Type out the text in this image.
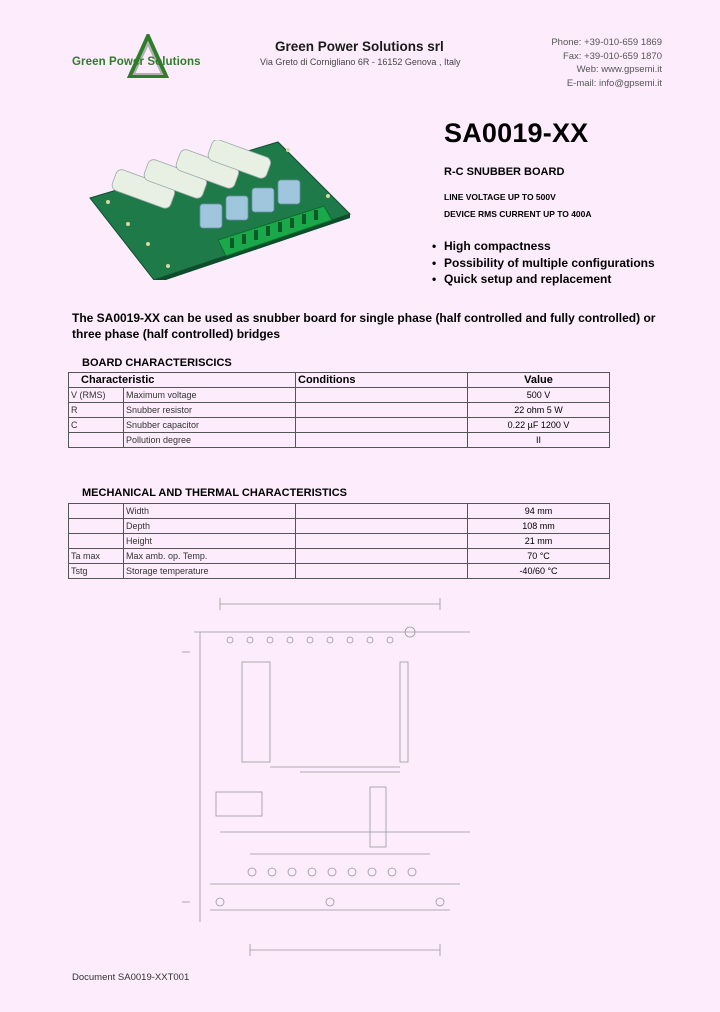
Green Power Solutions
Green Power Solutions srl
Via Greto di Cornigliano 6R - 16152 Genova , Italy
Phone: +39-010-659 1869
Fax: +39-010-659 1870
Web: www.gpsemi.it
E-mail: info@gpsemi.it
SA0019-XX
R-C SNUBBER BOARD
LINE VOLTAGE UP TO 500V
DEVICE RMS CURRENT UP TO 400A
• High compactness
• Possibility of multiple configurations
• Quick setup and replacement
The SA0019-XX can be used as snubber board for single phase (half controlled and fully controlled) or three phase (half controlled) bridges
BOARD CHARACTERISCICS
Characteristic		Conditions	Value
V (RMS)	Maximum voltage		500 V
R	Snubber resistor		22 ohm 5 W
C	Snubber capacitor		0.22 µF 1200 V
	Pollution degree		II
MECHANICAL AND THERMAL CHARACTERISTICS
	Width		94 mm
	Depth		108 mm
	Height		21 mm
Ta max	Max amb. op. Temp.		70 °C
Tstg	Storage temperature		-40/60 °C
Document SA0019-XXT001
